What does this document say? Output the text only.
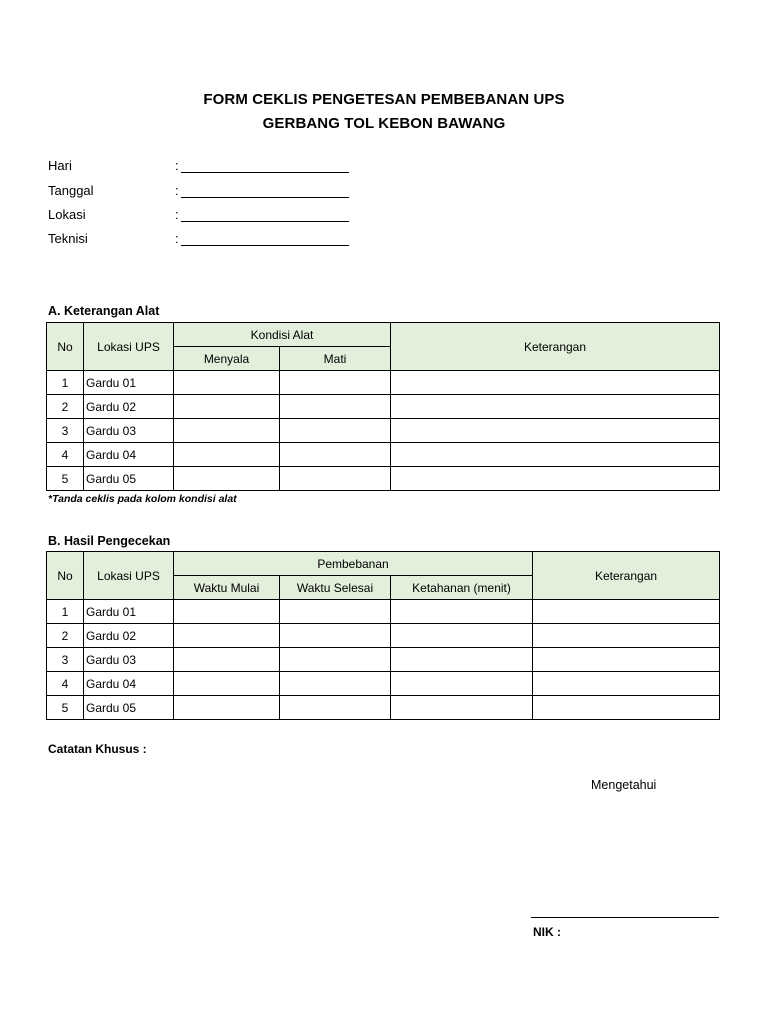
FORM CEKLIS PENGETESAN PEMBEBANAN UPS
GERBANG TOL KEBON BAWANG
Hari	:
Tanggal	:
Lokasi	:
Teknisi	:
A. Keterangan Alat
No	Lokasi UPS	Kondisi Alat		Keterangan
		Menyala	Mati	
1	Gardu 01			
2	Gardu 02			
3	Gardu 03			
4	Gardu 04			
5	Gardu 05			
*Tanda ceklis pada kolom kondisi alat
B. Hasil Pengecekan
No	Lokasi UPS	Pembebanan			Keterangan
		Waktu Mulai	Waktu Selesai	Ketahanan (menit)	
1	Gardu 01				
2	Gardu 02				
3	Gardu 03				
4	Gardu 04				
5	Gardu 05				
Catatan Khusus :
Mengetahui
NIK :
